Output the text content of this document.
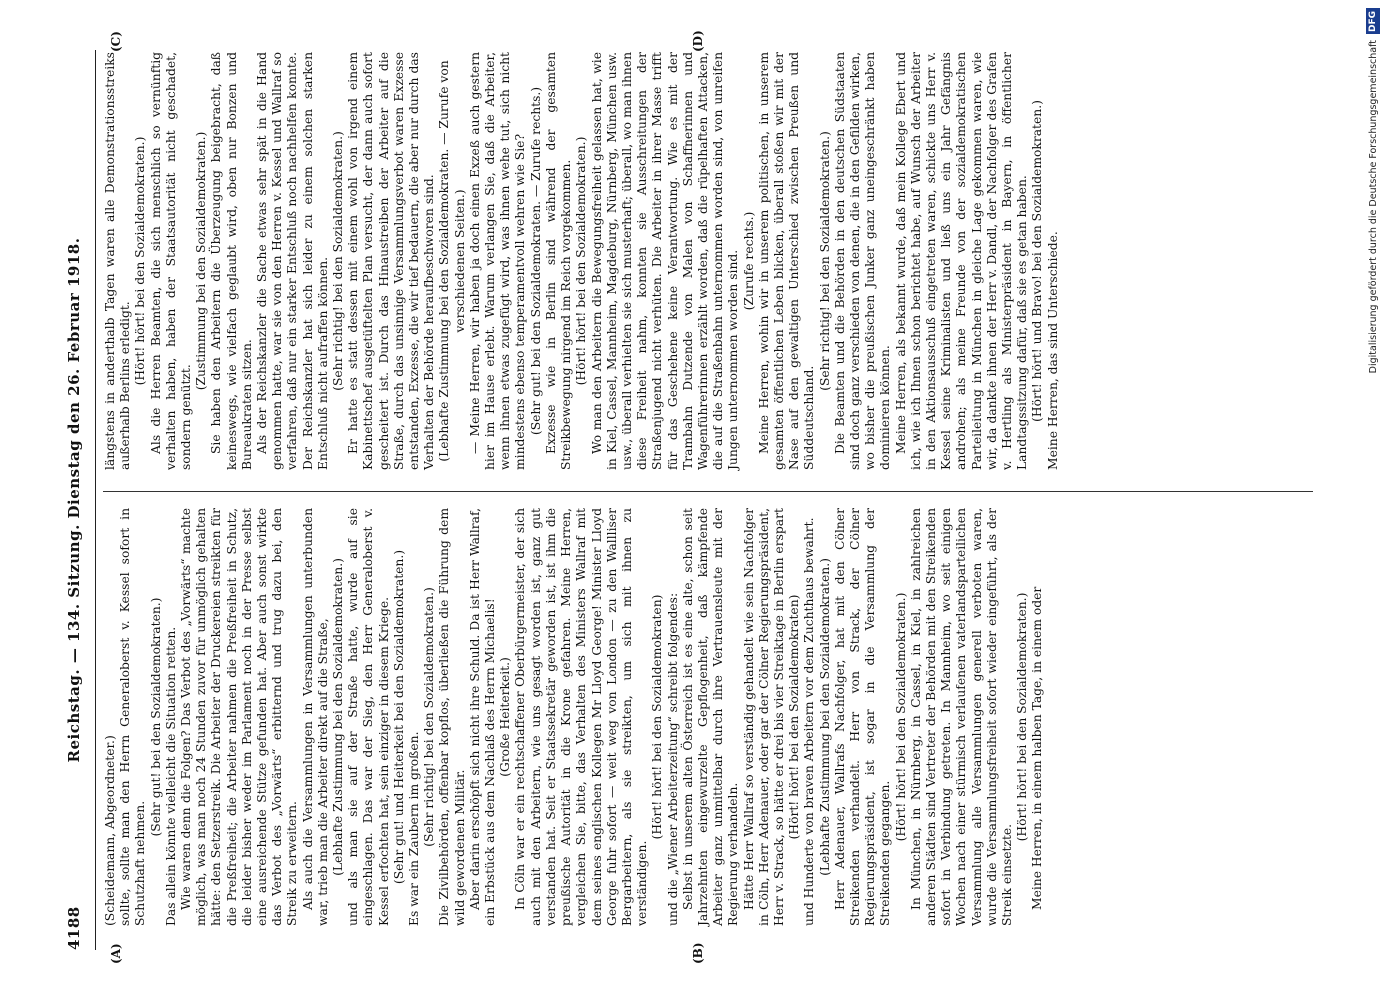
4188
Reichstag. — 134. Sitzung. Dienstag den 26. Februar 1918.
(A)	(B)
(C)	(D)

(Scheidemann, Abgeordneter.) sollte, sollte man den Herrn Generaloberst v. Kessel sofort in Schutzhaft nehmen.

(Sehr gut! bei den Sozialdemokraten.) Das allein könnte vielleicht die Situation retten. Wie waren denn die Folgen? Das Verbot des „Vorwärts“ machte möglich, was man noch 24 Stunden zuvor für unmöglich gehalten hätte: den Setzerstreik. Die Arbeiter der Druckereien streikten für die Preßfreiheit; die Arbeiter nahmen die Preßfreiheit in Schutz, die leider bisher weder im Parlament noch in der Presse selbst eine ausreichende Stütze gefunden hat. Aber auch sonst wirkte das Verbot des „Vorwärts“ erbitternd und trug dazu bei, den Streik zu erweitern. Als auch die Versammlungen in Versammlungen unterbunden war, trieb man die Arbeiter direkt auf die Straße, (Lebhafte Zustimmung bei den Sozialdemokraten.) und als man sie auf der Straße hatte, wurde auf sie eingeschlagen. Das war der Sieg, den Herr Generaloberst v. Kessel erfochten hat, sein einziger in diesem Kriege. (Sehr gut! und Heiterkeit bei den Sozialdemokraten.) Es war ein Zaubern im großen. (Sehr richtig! bei den Sozialdemokraten.) Die Zivilbehörden, offenbar kopflos, überließen die Führung dem wild gewordenen Militär. Aber darin erschöpft sich nicht ihre Schuld. Da ist Herr Wallraf, ein Erbstück aus dem Nachlaß des Herrn Michaelis! (Große Heiterkeit.) In Cöln war er ein rechtschaffener Oberbürgermeister, der sich auch mit den Arbeitern, wie uns gesagt worden ist, ganz gut verstanden hat. Seit er Staatssekretär geworden ist, ist ihm die preußische Autorität in die Krone gefahren. Meine Herren, vergleichen Sie, bitte, das Verhalten des Ministers Wallraf mit dem seines englischen Kollegen Mr Lloyd George! Minister Lloyd George fuhr sofort — weit weg von London — zu den Wallliser Bergarbeitern, als sie streikten, um sich mit ihnen zu verständigen.

(Hört! hört! bei den Sozialdemokraten) und die „Wiener Arbeiterzeitung“ schreibt folgendes: Selbst in unserem alten Österreich ist es eine alte, schon seit Jahrzehnten eingewurzelte Gepflogenheit, daß kämpfende Arbeiter ganz unmittelbar durch ihre Vertrauensleute mit der Regierung verhandeln. Hätte Herr Wallraf so verständig gehandelt wie sein Nachfolger in Cöln, Herr Adenauer, oder gar der Cölner Regierungspräsident, Herr v. Strack, so hätte er drei bis vier Streiktage in Berlin erspart (Hört! hört! bei den Sozialdemokraten) und Hunderte von braven Arbeitern vor dem Zuchthaus bewahrt. (Lebhafte Zustimmung bei den Sozialdemokraten.) Herr Adenauer, Wallrafs Nachfolger, hat mit den Cölner Streikenden verhandelt. Herr von Strack, der Cölner Regierungspräsident, ist sogar in die Versammlung der Streikenden gegangen.

(Hört! hört! bei den Sozialdemokraten.) In München, in Nürnberg, in Cassel, in Kiel, in zahlreichen anderen Städten sind Vertreter der Behörden mit den Streikenden sofort in Verbindung getreten. In Mannheim, wo seit einigen Wochen nach einer stürmisch verlaufenen vaterlandsparteilichen Versammlung alle Versammlungen generell verboten waren, wurde die Versammlungsfreiheit sofort wieder eingeführt, als der Streik einsetzte.

(Hört! hört! bei den Sozialdemokraten.) Meine Herren, in einem halben Tage, in einem oder

längstens in anderthalb Tagen waren alle Demonstrationsstreiks außerhalb Berlins erledigt.

(Hört! hört! bei den Sozialdemokraten.) Als die Herren Beamten, die sich menschlich so vernünftig verhalten haben, haben der Staatsautorität nicht geschadet, sondern genützt.

(Zustimmung bei den Sozialdemokraten.) Sie haben den Arbeitern die Überzeugung beigebracht, daß keineswegs, wie vielfach geglaubt wird, oben nur Bonzen und Bureaukraten sitzen. Als der Reichskanzler die Sache etwas sehr spät in die Hand genommen hatte, war sie von den Herren v. Kessel und Wallraf so verfahren, daß nur ein starker Entschluß noch nachhelfen konnte. Der Reichskanzler hat sich leider zu einem solchen starken Entschluß nicht aufraffen können. (Sehr richtig! bei den Sozialdemokraten.) Er hatte es statt dessen mit einem wohl von irgend einem Kabinettschef ausgetüftelten Plan versucht, der dann auch sofort gescheitert ist. Durch das Hinaustreiben der Arbeiter auf die Straße, durch das unsinnige Versammlungsverbot waren Exzesse entstanden, Exzesse, die wir tief bedauern, die aber nur durch das Verhalten der Behörde heraufbeschworen sind. (Lebhafte Zustimmung bei den Sozialdemokraten. — Zurufe von verschiedenen Seiten.) — Meine Herren, wir haben ja doch einen Exzeß auch gestern hier im Hause erlebt. Warum verlangen Sie, daß die Arbeiter, wenn ihnen etwas zugefügt wird, was ihnen wehe tut, sich nicht mindestens ebenso temperamentvoll wehren wie Sie? (Sehr gut! bei den Sozialdemokraten. — Zurufe rechts.) Exzesse wie in Berlin sind während der gesamten Streikbewegung nirgend im Reich vorgekommen. (Hört! hört! bei den Sozialdemokraten.) Wo man den Arbeitern die Bewegungsfreiheit gelassen hat, wie in Kiel, Cassel, Mannheim, Magdeburg, Nürnberg, München usw. usw., überall verhielten sie sich musterhaft; überall, wo man ihnen diese Freiheit nahm, konnten sie Ausschreitungen der Straßenjugend nicht verhüten. Die Arbeiter in ihrer Masse trifft für das Geschehene keine Verantwortung. Wie es mit der Trambahn Dutzende von Malen von Schaffnerinnen und Wagenführerinnen erzählt worden, daß die rüpelhaften Attacken, die auf die Straßenbahn unternommen worden sind, von unreifen Jungen unternommen worden sind. (Zurufe rechts.) Meine Herren, wohin wir in unserem politischen, in unserem gesamten öffentlichen Leben blicken, überall stoßen wir mit der Nase auf den gewaltigen Unterschied zwischen Preußen und Süddeutschland.

(Sehr richtig! bei den Sozialdemokraten.) Die Beamten und die Behörden in den deutschen Südstaaten sind doch ganz verschieden von denen, die in den Gefilden wirken, wo bisher die preußischen Junker ganz uneingeschränkt haben dominieren können. Meine Herren, als bekannt wurde, daß mein Kollege Ebert und ich, wie ich Ihnen schon berichtet habe, auf Wunsch der Arbeiter in den Aktionsausschuß eingetreten waren, schickte uns Herr v. Kessel seine Kriminalisten und ließ uns ein Jahr Gefängnis androhen; als meine Freunde von der sozialdemokratischen Parteileitung in München in gleiche Lage gekommen waren, wie wir, da dankte ihnen der Herr v. Dandl, der Nachfolger des Grafen v. Hertling als Ministerpräsident in Bayern, in öffentlicher Landtagssitzung dafür, daß sie es getan haben. (Hört! hört! und Bravo! bei den Sozialdemokraten.) Meine Herren, das sind Unterschiede.

DFG
Digitalisierung gefördert durch die Deutsche Forschungsgemeinschaft
